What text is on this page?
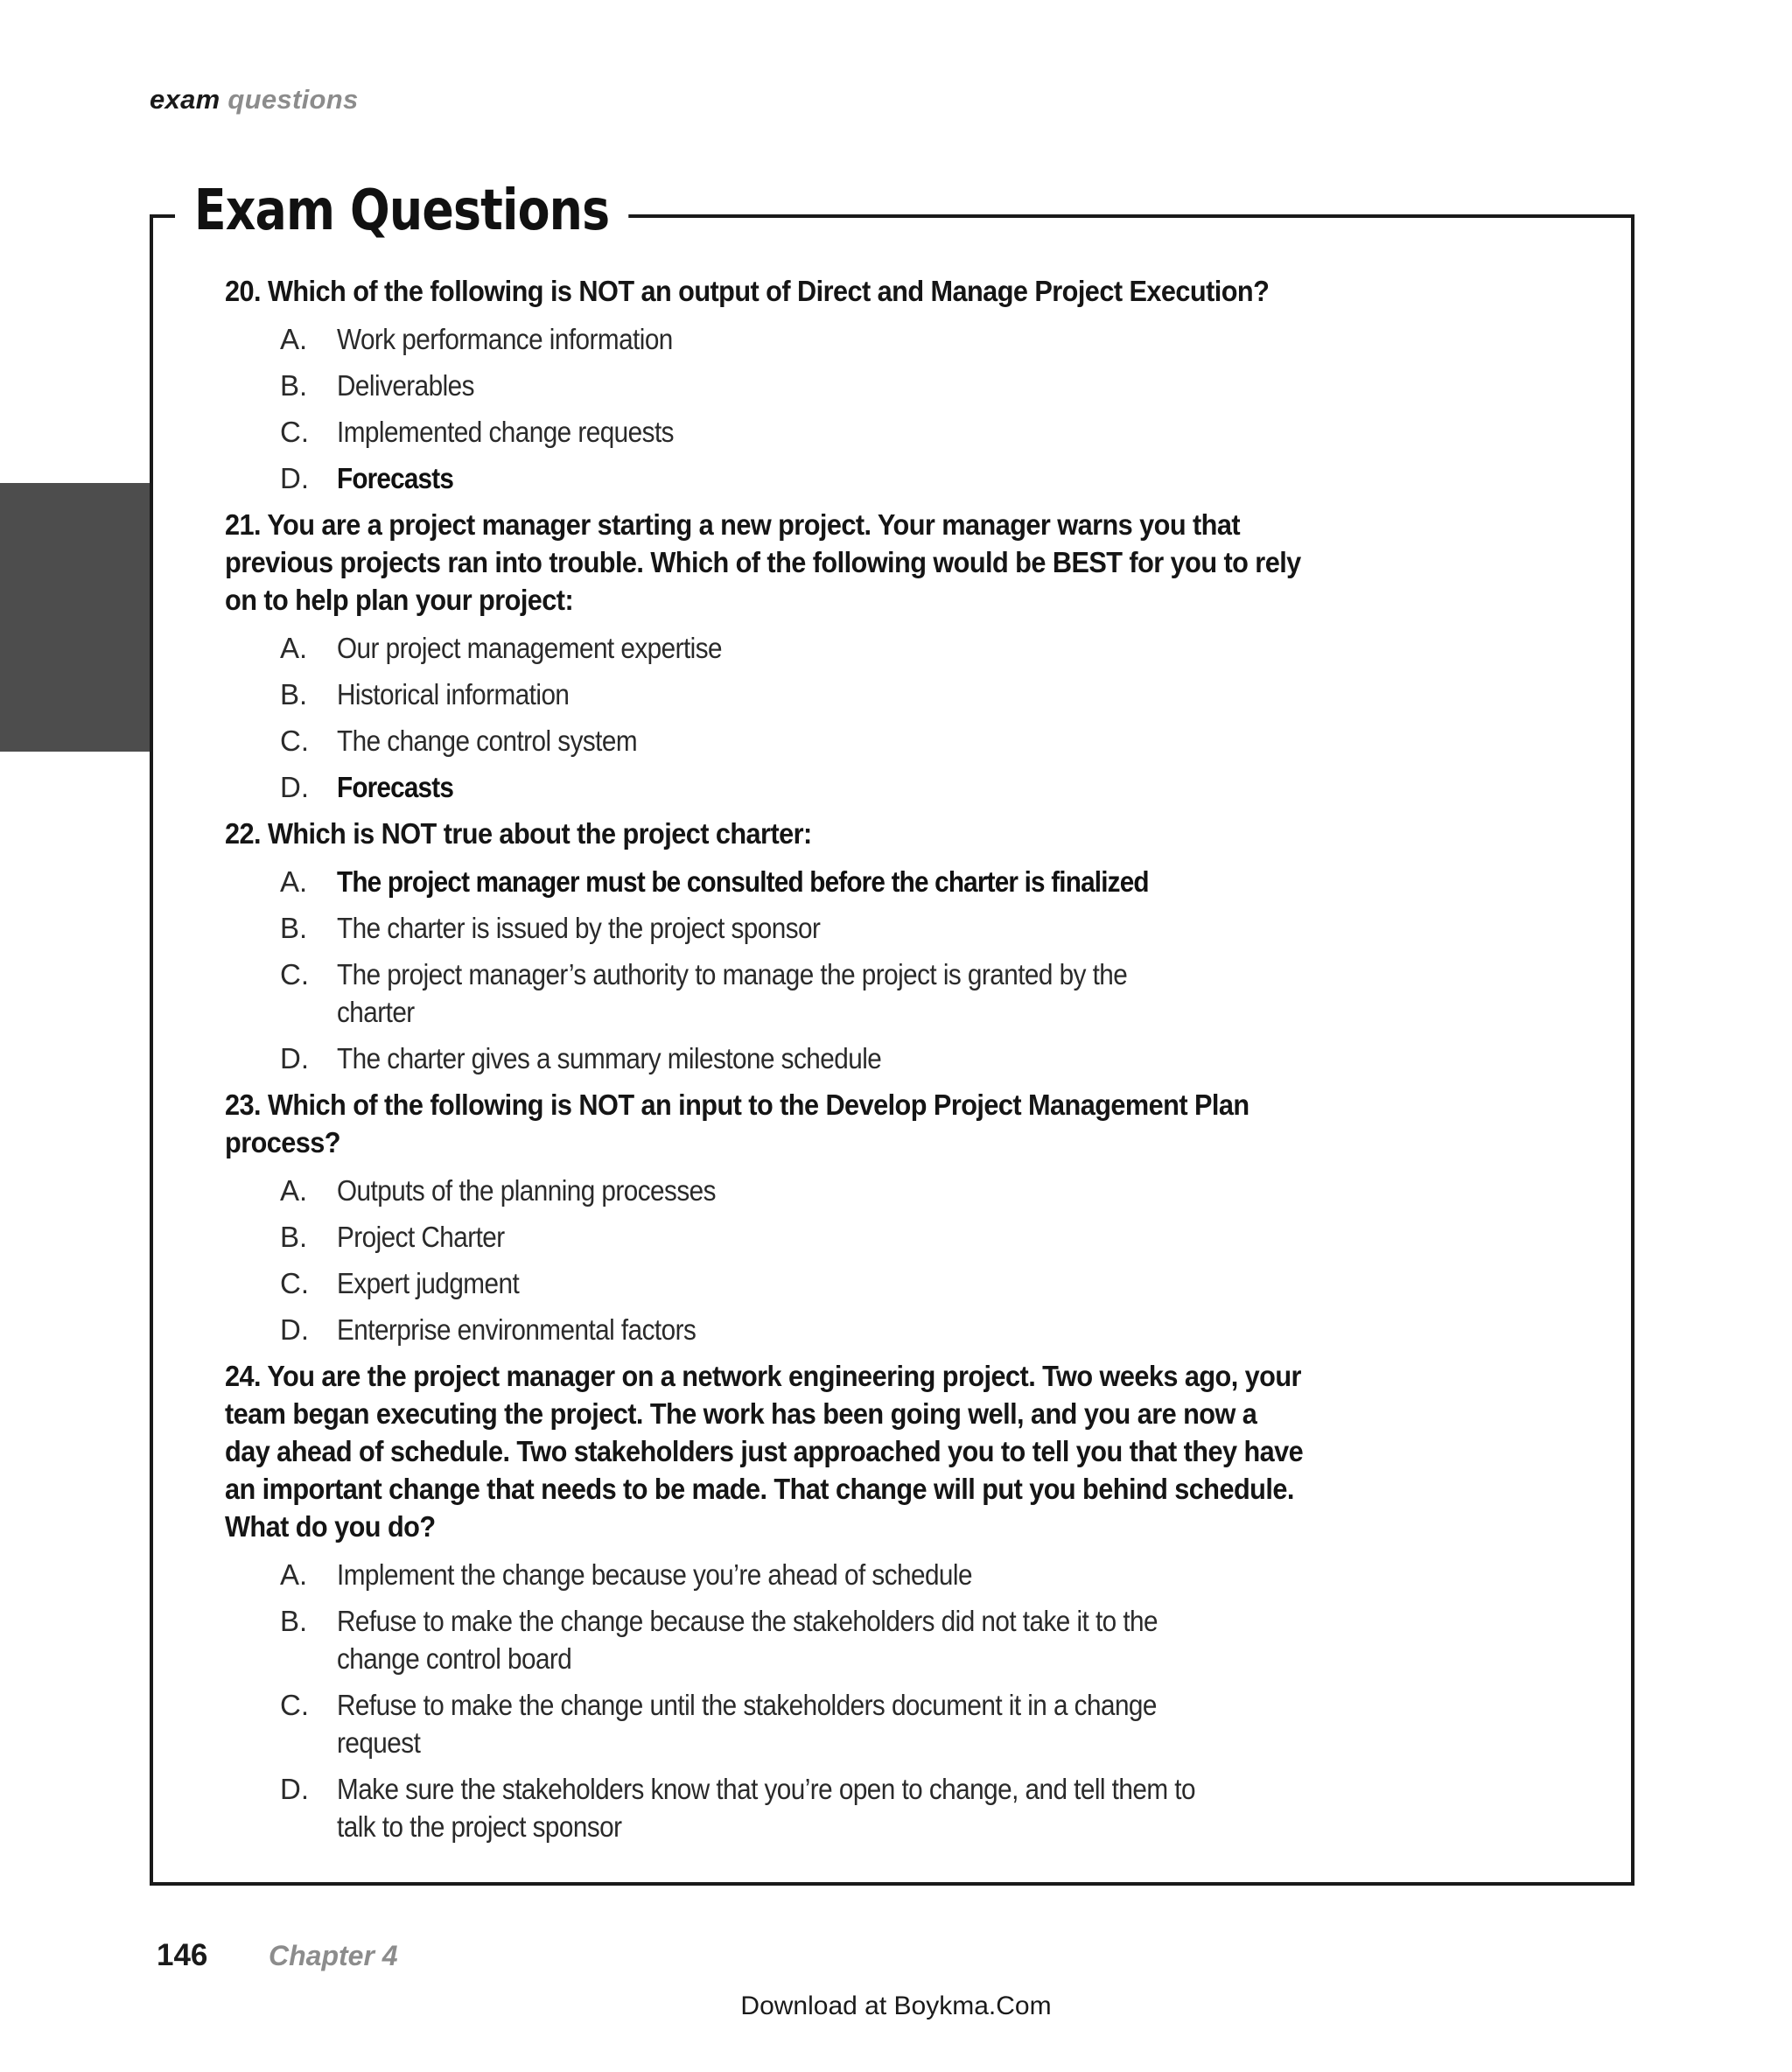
exam questions
Exam Questions
20. Which of the following is NOT an output of Direct and Manage Project Execution?
A.	Work performance information
B.	Deliverables
C. Implemented change requests
D. Forecasts
21. You are a project manager starting a new project. Your manager warns you that previous projects ran into trouble. Which of the following would be BEST for you to rely on to help plan your project:
A.	Our project management expertise
B.	Historical information
C. The change control system
D. Forecasts
22. Which is NOT true about the project charter:
A.	The project manager must be consulted before the charter is finalized
B.	The charter is issued by the project sponsor
C. The project manager’s authority to manage the project is granted by the charter
D. The charter gives a summary milestone schedule
23. Which of the following is NOT an input to the Develop Project Management Plan process?
A.	Outputs of the planning processes
B.	Project Charter
C. Expert judgment
D. Enterprise environmental factors
24. You are the project manager on a network engineering project. Two weeks ago, your team began executing the project. The work has been going well, and you are now a day ahead of schedule. Two stakeholders just approached you to tell you that they have an important change that needs to be made. That change will put you behind schedule. What do you do?
A.	Implement the change because you’re ahead of schedule
B.	Refuse to make the change because the stakeholders did not take it to the change control board
C. Refuse to make the change until the stakeholders document it in a change request
D. Make sure the stakeholders know that you’re open to change, and tell them to talk to the project sponsor
146	Chapter 4
Download at Boykma.Com
